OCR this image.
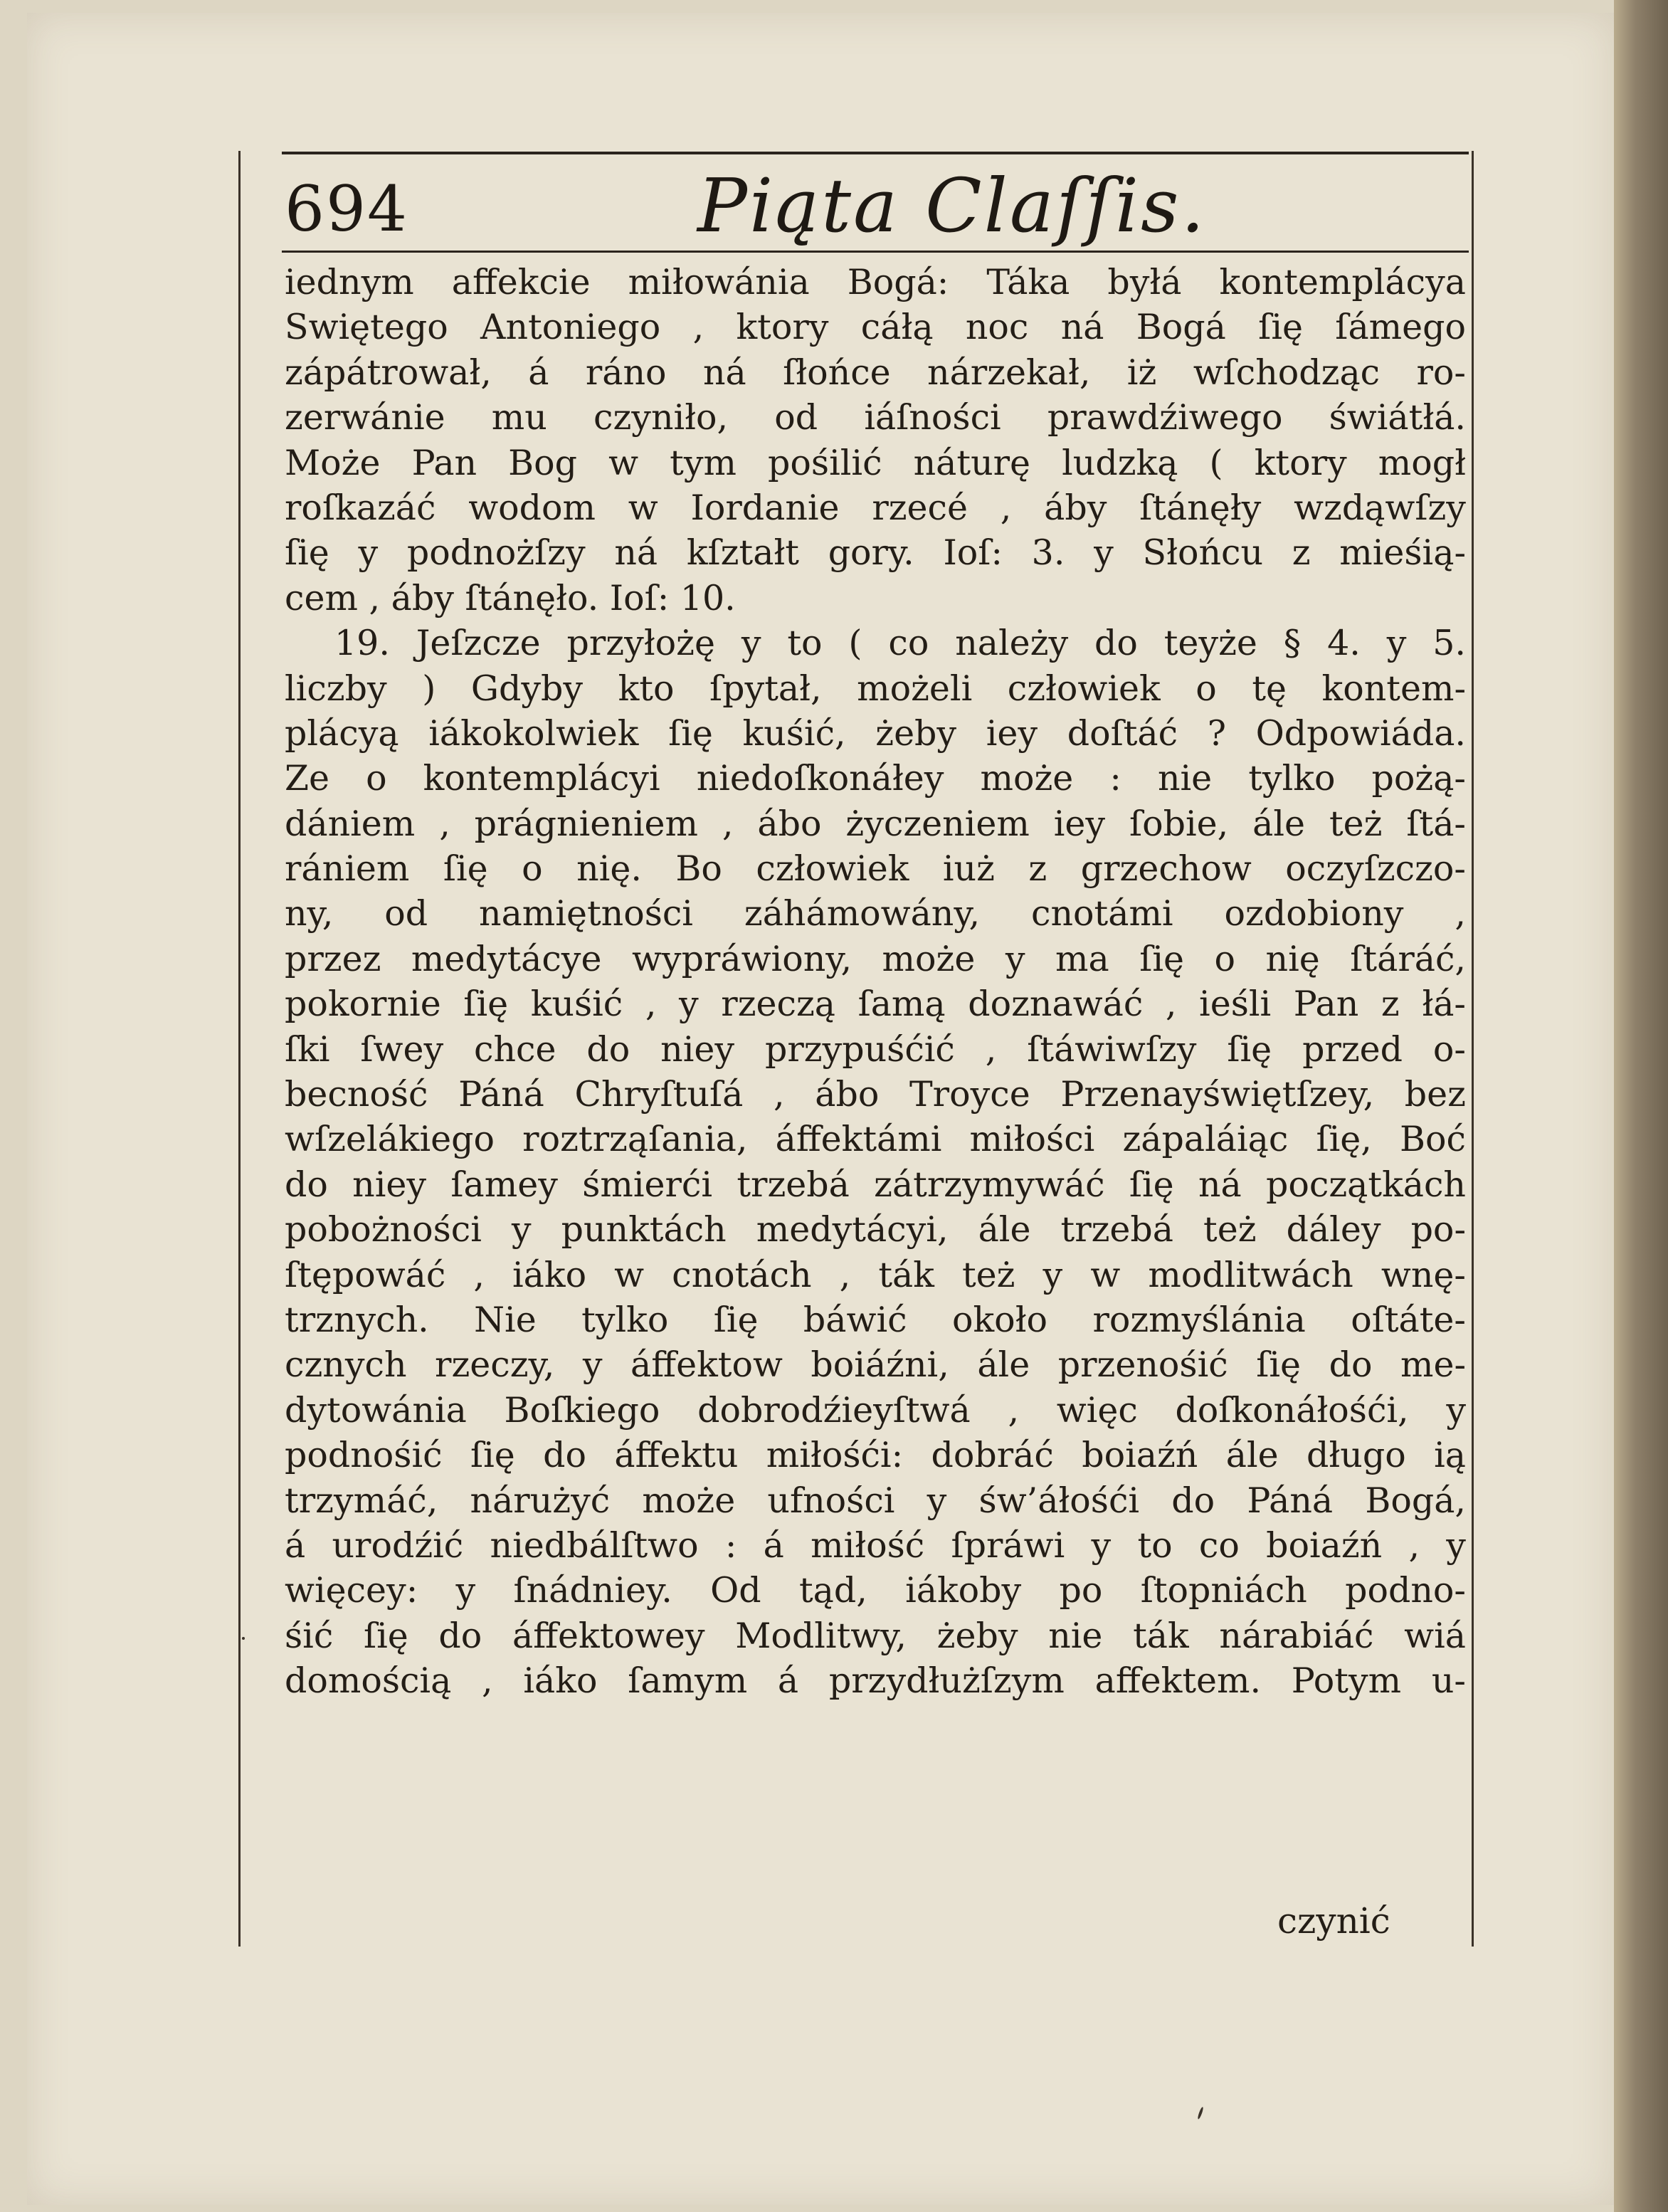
694	Piąta Claſſis.
iednym affekcie miłowánia Bogá: Táka byłá kontemplácya
Swiętego Antoniego , ktory cáłą noc ná Bogá ſię ſámego
zápátrował, á ráno ná ſłońce nárzekał, iż wſchodząc ro-
zerwánie mu czyniło, od iáſności prawdźiwego świátłá.
Może Pan Bog w tym pośilić náturę ludzką ( ktory mogł
roſkazáć wodom w Iordanie rzecé , áby ſtánęły wzdąwſzy
ſię y podnożſzy ná kſztałt gory. Ioſ: 3. y Słońcu z mieśią-
cem , áby ſtánęło. Ioſ: 10.
19. Jeſzcze przyłożę y to ( co należy do teyże § 4. y 5.
liczby ) Gdyby kto ſpytał, możeli człowiek o tę kontem-
plácyą iákokolwiek ſię kuśić, żeby iey doſtáć ? Odpowiáda.
Ze o kontemplácyi niedoſkonáłey może : nie tylko pożą-
dániem , prágnieniem , ábo życzeniem iey ſobie, ále też ſtá-
rániem ſię o nię. Bo człowiek iuż z grzechow oczyſzczo-
ny, od namiętności záhámowány, cnotámi ozdobiony ,
przez medytácye wypráwiony, może y ma ſię o nię ſtáráć,
pokornie ſię kuśić , y rzeczą ſamą doznawáć , ieśli Pan z łá-
ſki ſwey chce do niey przypuśćić , ſtáwiwſzy ſię przed o-
becność Páná Chryſtuſá , ábo Troyce Przenayświętſzey, bez
wſzelákiego roztrząſania, áffektámi miłości zápaláiąc ſię, Boć
do niey ſamey śmierći trzebá zátrzymywáć ſię ná początkách
pobożności y punktách medytácyi, ále trzebá też dáley po-
ſtępowáć , iáko w cnotách , ták też y w modlitwách wnę-
trznych. Nie tylko ſię báwić około rozmyślánia oſtáte-
cznych rzeczy, y áffektow boiáźni, ále przenośić ſię do me-
dytowánia Boſkiego dobrodźieyſtwá , więc doſkonáłośći, y
podnośić ſię do áffektu miłośći: dobráć boiaźń ále długo ią
trzymáć, nárużyć może ufności y św’áłośći do Páná Bogá,
á urodźić niedbálſtwo : á miłość ſpráwi y to co boiaźń , y
więcey: y ſnádniey. Od tąd, iákoby po ſtopniách podno-
śić ſię do áffektowey Modlitwy, żeby nie ták nárabiáć wiá
domością , iáko ſamym á przydłużſzym affektem. Potym u-
czynić
